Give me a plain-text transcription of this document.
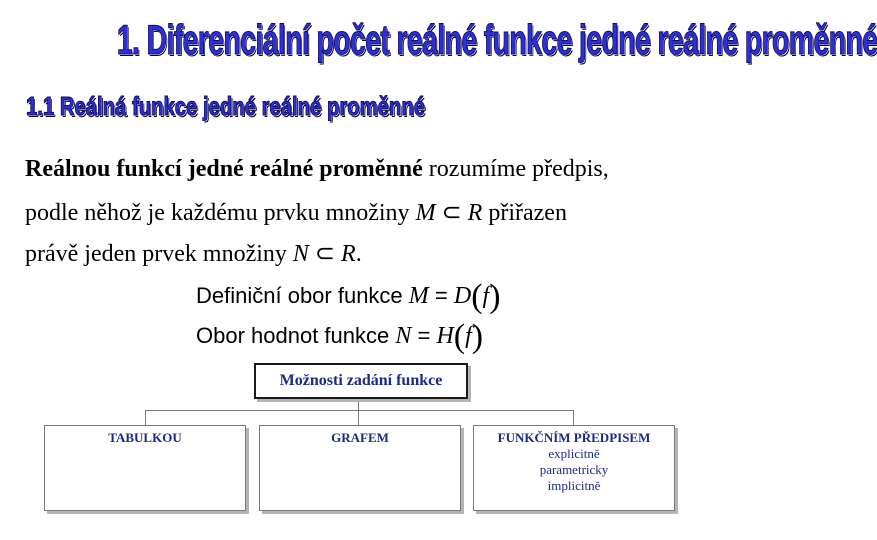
1. Diferenciální počet reálné funkce jedné reálné proměnné
1.1 Reálná funkce jedné reálné proměnné
Reálnou funkcí jedné reálné proměnné rozumíme předpis,
podle něhož je každému prvku množiny M ⊂ R přiřazen
právě jeden prvek množiny N ⊂ R.
Definiční obor funkce M = D(f)
Obor hodnot funkce N = H(f)
Možnosti zadání funkce
TABULKOU	GRAFEM	FUNKČNÍM PŘEDPISEM
explicitně
parametricky
implicitně
